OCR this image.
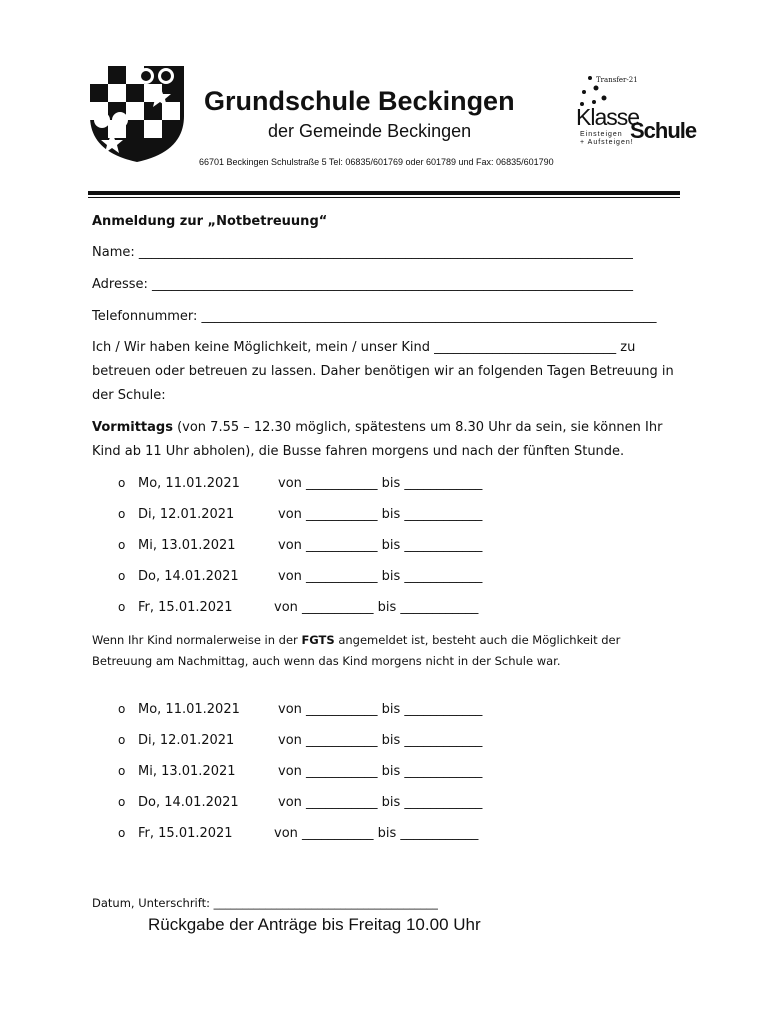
Grundschule Beckingen
der Gemeinde Beckingen
66701 Beckingen Schulstraße 5 Tel: 06835/601769 oder 601789 und Fax: 06835/601790
Transfer-21
Klasse
Schule
Einsteigen
+ Aufsteigen!
Anmeldung zur „Notbetreuung“
Name: ____________________________________________________________________________
Adresse: __________________________________________________________________________
Telefonnummer: ______________________________________________________________________
Ich / Wir haben keine Möglichkeit, mein / unser Kind ____________________________ zu betreuen oder betreuen zu lassen. Daher benötigen wir an folgenden Tagen Betreuung in der Schule:
Vormittags (von 7.55 – 12.30 möglich, spätestens um 8.30 Uhr da sein, sie können Ihr Kind ab 11 Uhr abholen), die Busse fahren morgens und nach der fünften Stunde.
o Mo, 11.01.2021	von ___________ bis ____________
o Di, 12.01.2021	von ___________ bis ____________
o Mi, 13.01.2021	von ___________ bis ____________
o Do, 14.01.2021	von ___________ bis ____________
o Fr, 15.01.2021	von ___________ bis ____________
Wenn Ihr Kind normalerweise in der FGTS angemeldet ist, besteht auch die Möglichkeit der Betreuung am Nachmittag, auch wenn das Kind morgens nicht in der Schule war.
o Mo, 11.01.2021	von ___________ bis ____________
o Di, 12.01.2021	von ___________ bis ____________
o Mi, 13.01.2021	von ___________ bis ____________
o Do, 14.01.2021	von ___________ bis ____________
o Fr, 15.01.2021	von ___________ bis ____________
Datum, Unterschrift: _______________________________________
Rückgabe der Anträge bis Freitag 10.00 Uhr
